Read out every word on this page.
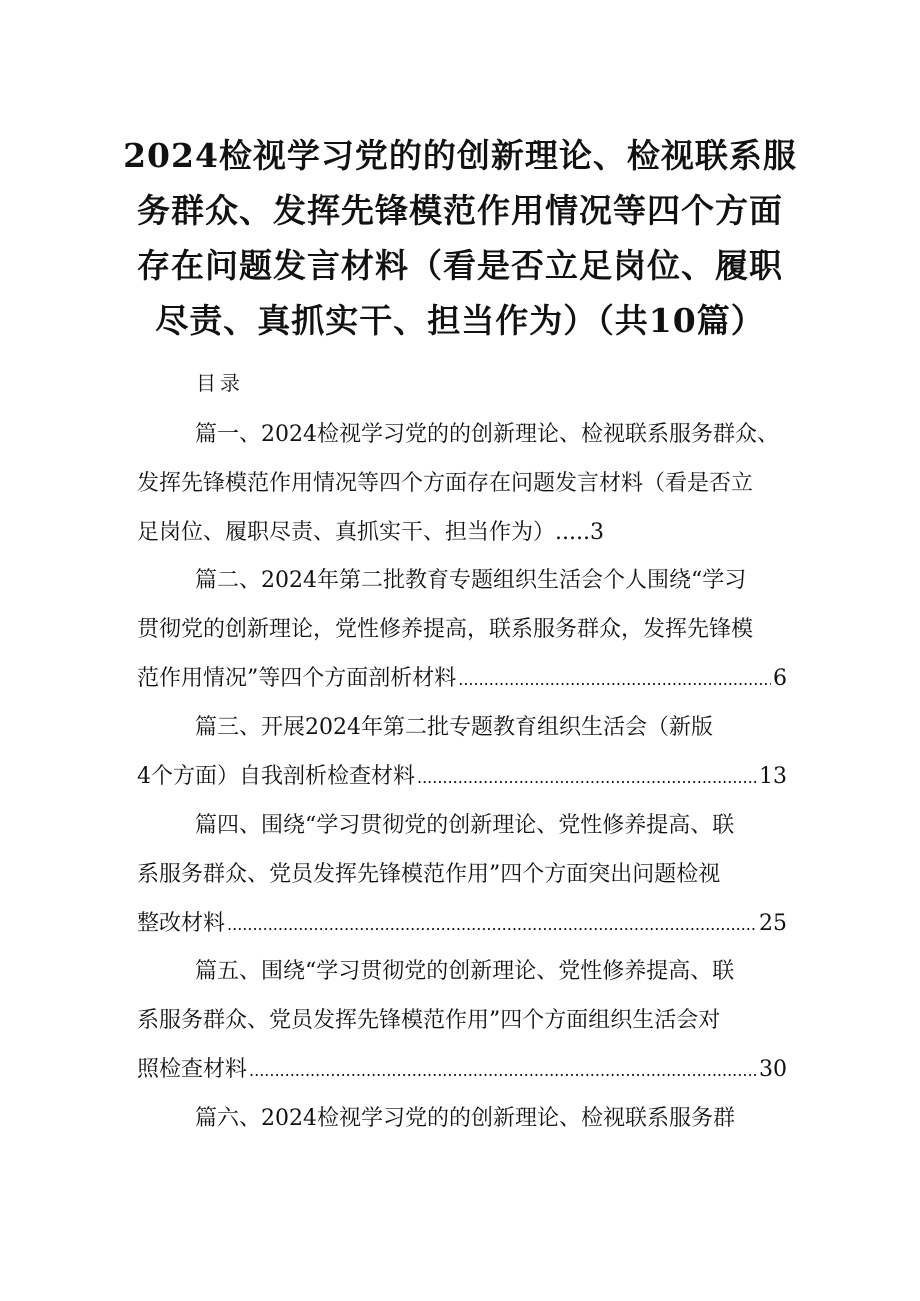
2024检视学习党的的创新理论、检视联系服
务群众、发挥先锋模范作用情况等四个方面
存在问题发言材料（看是否立足岗位、履职
尽责、真抓实干、担当作为）（共10篇）
目录
篇一、2024检视学习党的的创新理论、检视联系服务群众、
发挥先锋模范作用情况等四个方面存在问题发言材料（看是否立
足岗位、履职尽责、真抓实干、担当作为）.....3
篇二、2024年第二批教育专题组织生活会个人围绕“学习
贯彻党的创新理论，党性修养提高，联系服务群众，发挥先锋模
范作用情况”等四个方面剖析材料 .....	6
篇三、开展2024年第二批专题教育组织生活会（新版
4个方面）自我剖析检查材料 .....	13
篇四、围绕“学习贯彻党的创新理论、党性修养提高、联
系服务群众、党员发挥先锋模范作用”四个方面突出问题检视
整改材料 .....	25
篇五、围绕“学习贯彻党的创新理论、党性修养提高、联
系服务群众、党员发挥先锋模范作用”四个方面组织生活会对
照检查材料 .....	30
篇六、2024检视学习党的的创新理论、检视联系服务群
